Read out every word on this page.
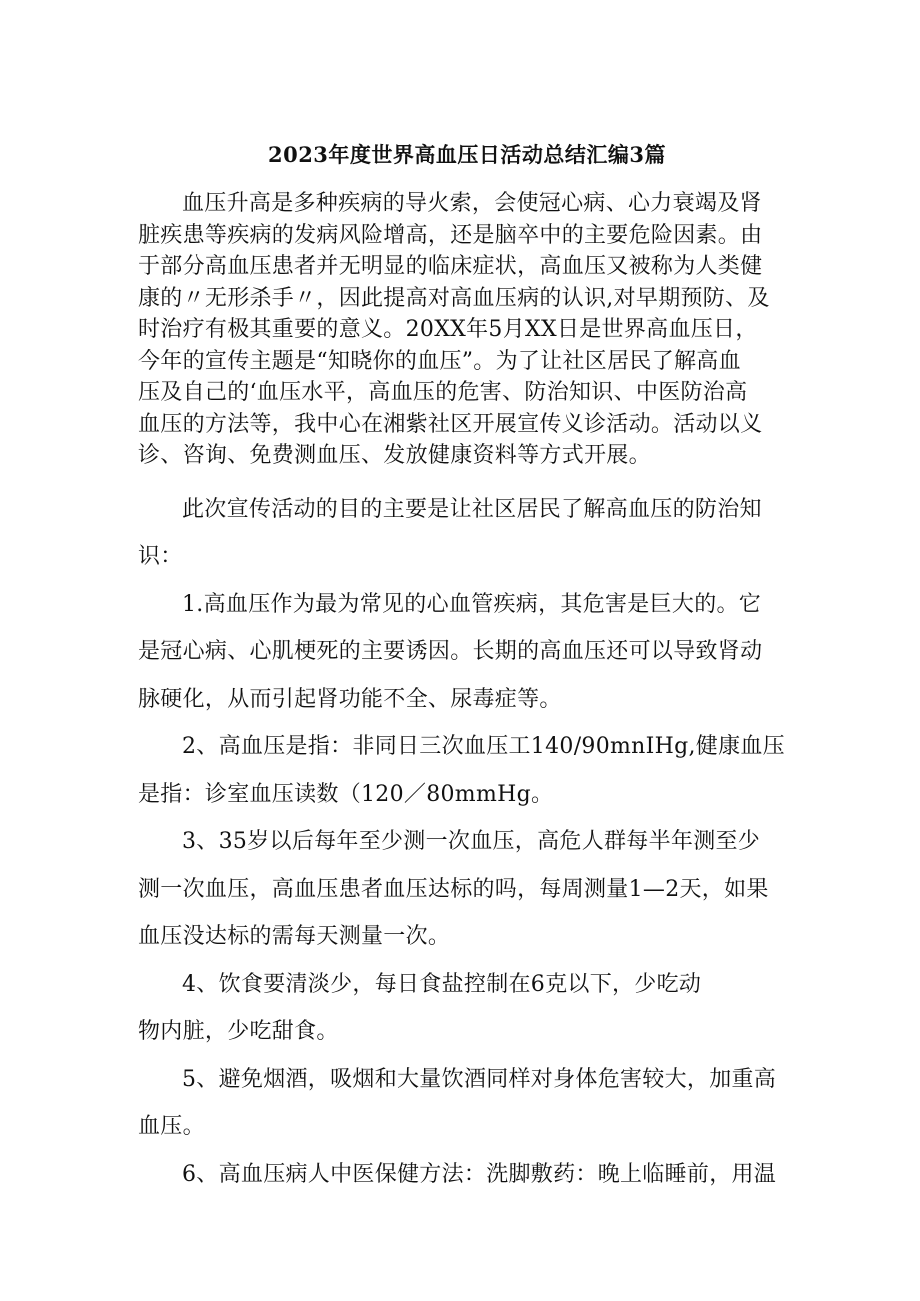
2023年度世界高血压日活动总结汇编3篇

血压升高是多种疾病的导火索，会使冠心病、心力衰竭及肾
脏疾患等疾病的发病风险增高，还是脑卒中的主要危险因素。由
于部分高血压患者并无明显的临床症状，高血压又被称为人类健
康的〃无形杀手〃，因此提高对高血压病的认识,对早期预防、及
时治疗有极其重要的意义。20XX年5月XX日是世界高血压日，
今年的宣传主题是“知晓你的血压”。为了让社区居民了解高血
压及自己的‘血压水平，高血压的危害、防治知识、中医防治高
血压的方法等，我中心在湘紫社区开展宣传义诊活动。活动以义
诊、咨询、免费测血压、发放健康资料等方式开展。

此次宣传活动的目的主要是让社区居民了解高血压的防治知
识：

1.高血压作为最为常见的心血管疾病，其危害是巨大的。它
是冠心病、心肌梗死的主要诱因。长期的高血压还可以导致肾动
脉硬化，从而引起肾功能不全、尿毒症等。

2、高血压是指：非同日三次血压工140/90mnIHg,健康血压
是指：诊室血压读数（120／80mmHg。

3、35岁以后每年至少测一次血压，高危人群每半年测至少
测一次血压，高血压患者血压达标的吗，每周测量1—2天，如果
血压没达标的需每天测量一次。

4、饮食要清淡少，每日食盐控制在6克以下，少吃动
物内脏，少吃甜食。

5、避免烟酒，吸烟和大量饮酒同样对身体危害较大，加重高
血压。

6、高血压病人中医保健方法：洗脚敷药：晚上临睡前，用温
